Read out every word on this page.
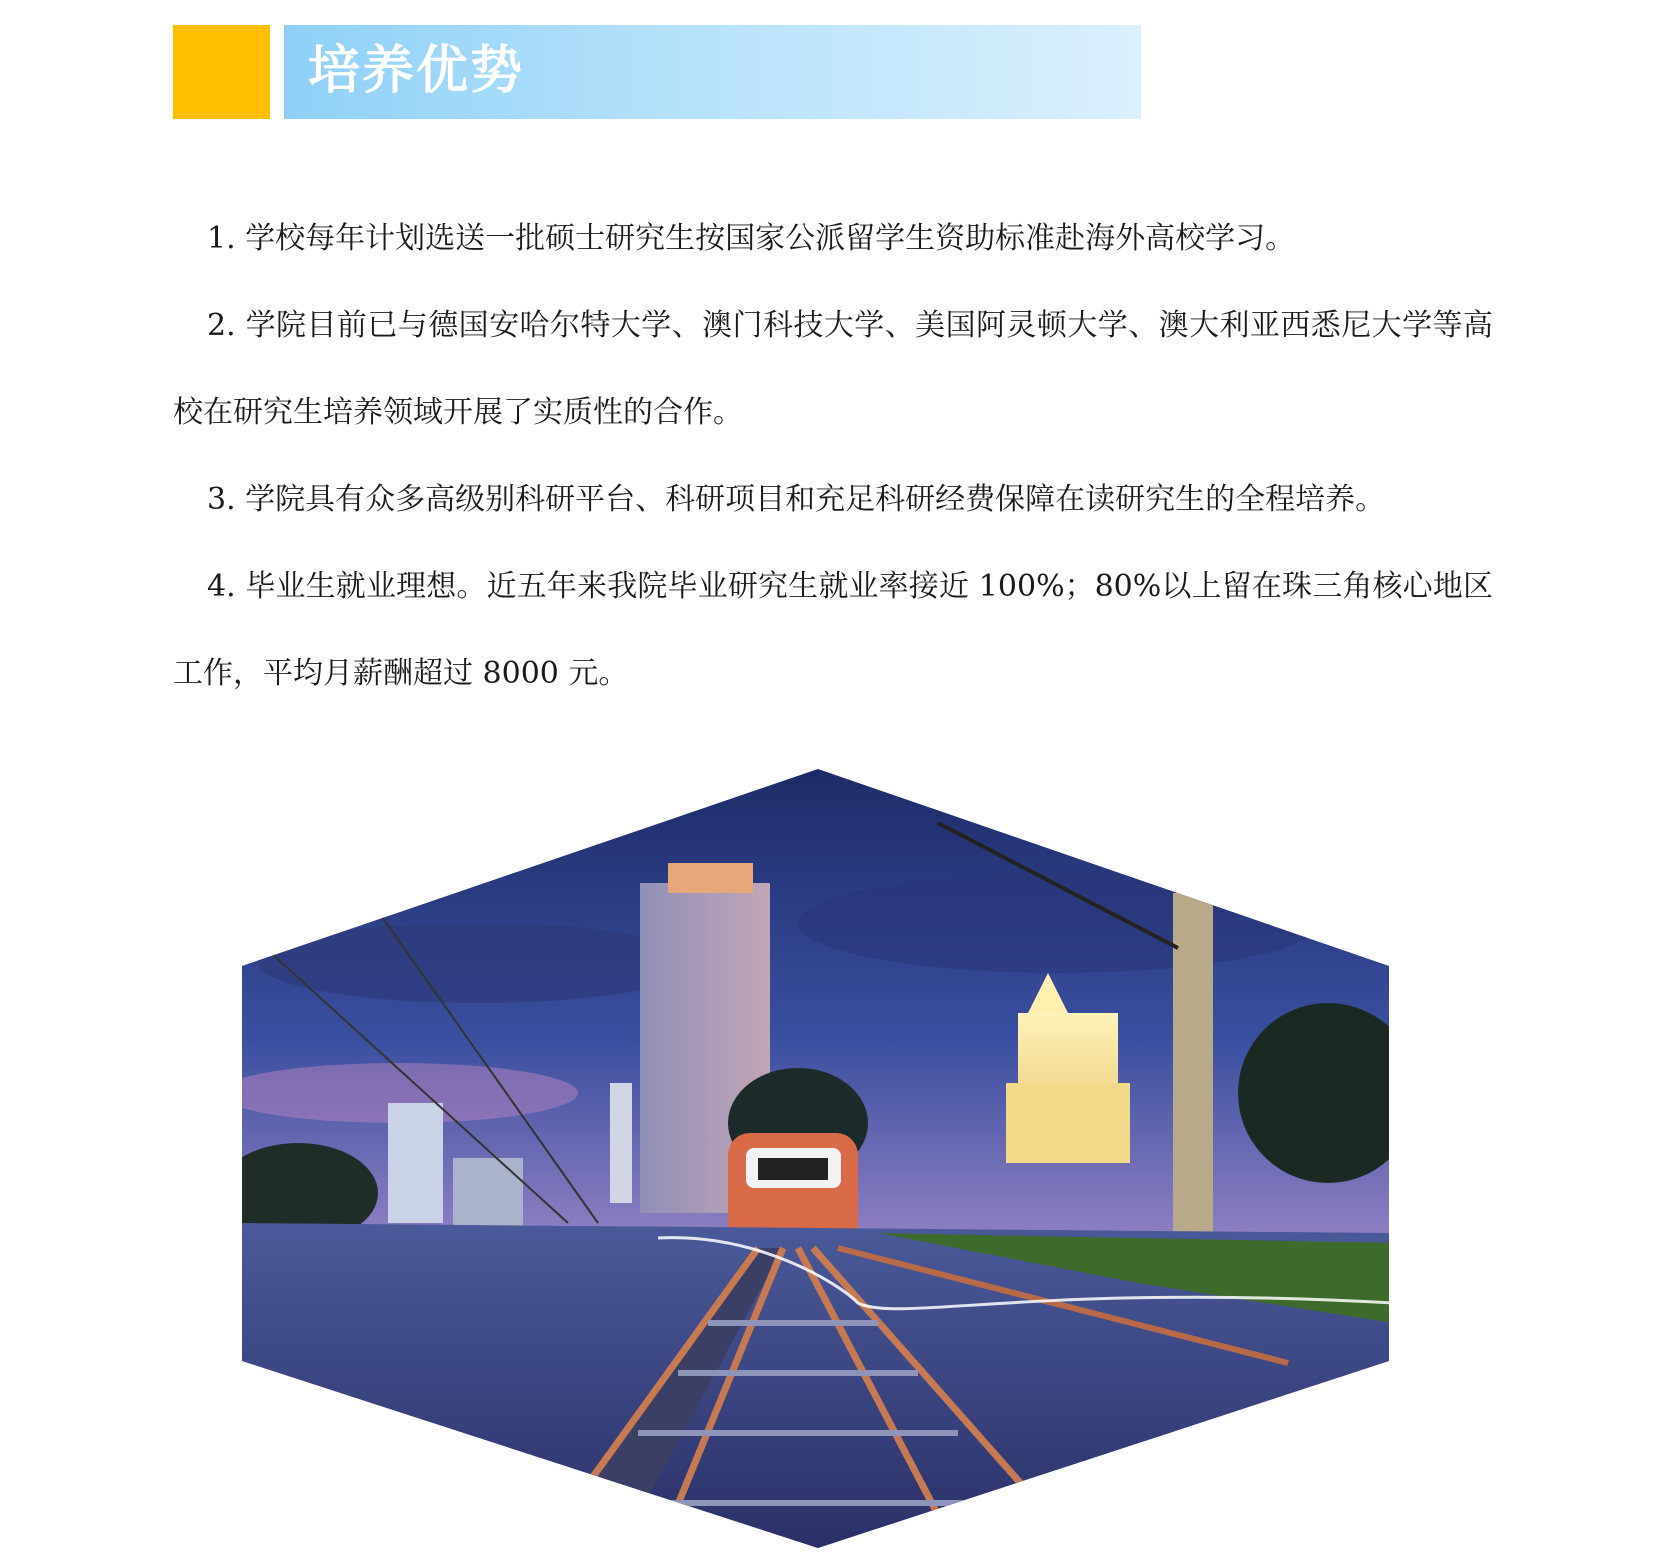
培养优势

1. 学校每年计划选送一批硕士研究生按国家公派留学生资助标准赴海外高校学习。

2. 学院目前已与德国安哈尔特大学、澳门科技大学、美国阿灵顿大学、澳大利亚西悉尼大学等高校在研究生培养领域开展了实质性的合作。

3. 学院具有众多高级别科研平台、科研项目和充足科研经费保障在读研究生的全程培养。

4. 毕业生就业理想。近五年来我院毕业研究生就业率接近 100%；80%以上留在珠三角核心地区工作，平均月薪酬超过 8000 元。
